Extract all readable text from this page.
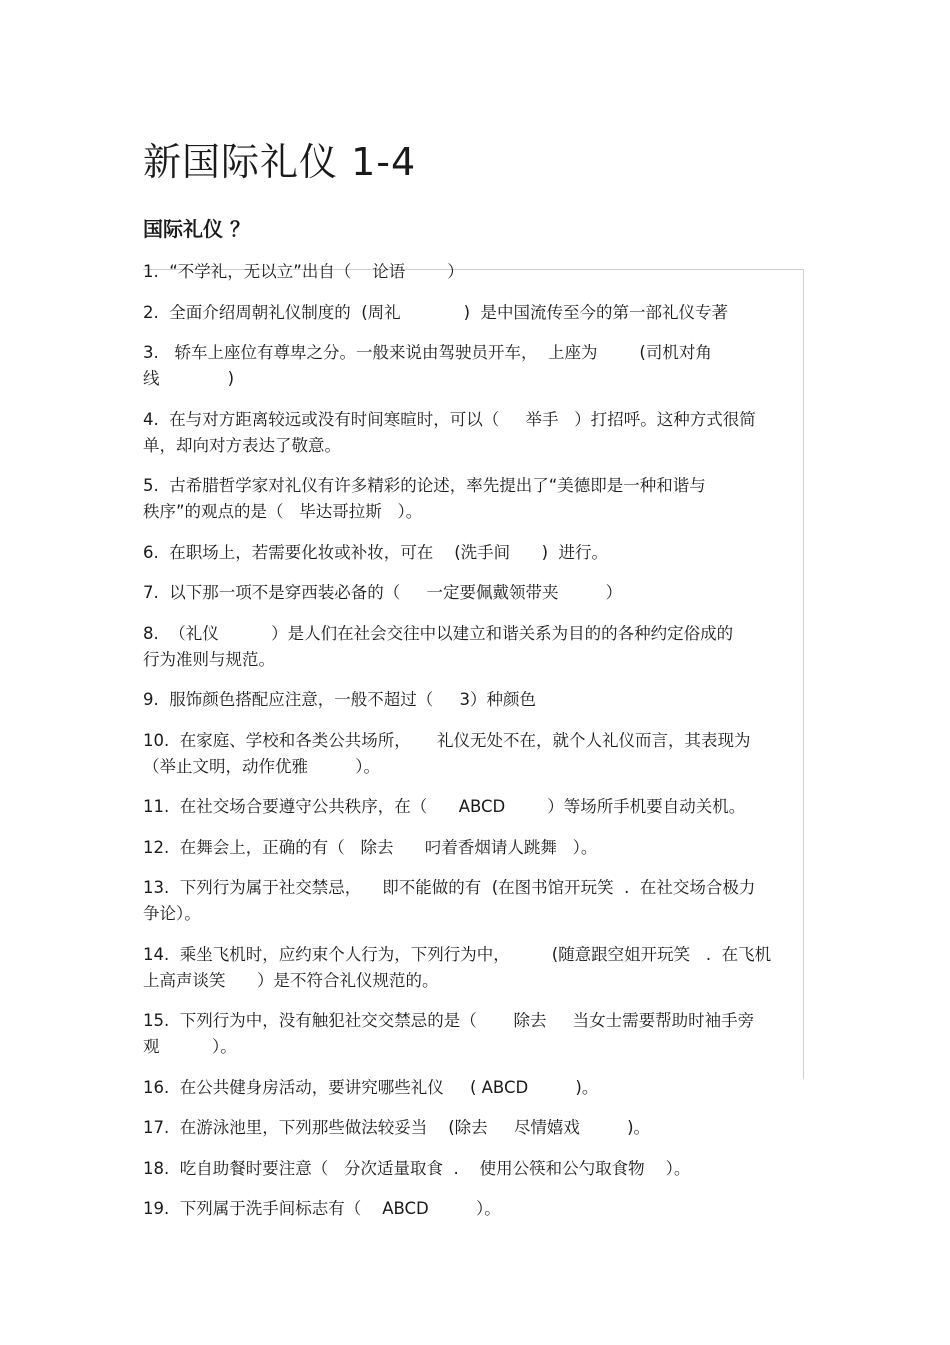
新国际礼仪 1-4
国际礼仪 ？
1.  “不学礼，无以立”出自（    论语        ）
2.  全面介绍周朝礼仪制度的  (周礼            )  是中国流传至今的第一部礼仪专著
3.   轿车上座位有尊卑之分。一般来说由驾驶员开车，  上座为        (司机对角
线             )
4.  在与对方距离较远或没有时间寒暄时，可以（     举手   ）打招呼。这种方式很简
单，却向对方表达了敬意。
5.  古希腊哲学家对礼仪有许多精彩的论述，率先提出了“美德即是一种和谐与
秩序”的观点的是（   毕达哥拉斯   ）。
6.  在职场上，若需要化妆或补妆，可在    (洗手间      )  进行。
7.  以下那一项不是穿西装必备的（     一定要佩戴领带夹         ）
8.  （礼仪          ）是人们在社会交往中以建立和谐关系为目的的各种约定俗成的
行为准则与规范。
9.  服饰颜色搭配应注意，一般不超过（     3）种颜色
10.  在家庭、学校和各类公共场所，     礼仪无处不在，就个人礼仪而言，其表现为
（举止文明，动作优雅         ）。
11.  在社交场合要遵守公共秩序，在（      ABCD        ）等场所手机要自动关机。
12.  在舞会上，正确的有（   除去      叼着香烟请人跳舞   ）。
13.  下列行为属于社交禁忌，    即不能做的有  (在图书馆开玩笑  .  在社交场合极力
争论）。
14.  乘坐飞机时，应约束个人行为，下列行为中，        (随意跟空姐开玩笑   .  在飞机
上高声谈笑      ）是不符合礼仪规范的。
15.  下列行为中，没有触犯社交交禁忌的是（       除去     当女士需要帮助时袖手旁
观          ）。
16.  在公共健身房活动，要讲究哪些礼仪     ( ABCD         )。
17.  在游泳池里，下列那些做法较妥当    (除去     尽情嬉戏         )。
18.  吃自助餐时要注意（   分次适量取食  .    使用公筷和公勺取食物    ）。
19.  下列属于洗手间标志有（    ABCD         ）。
